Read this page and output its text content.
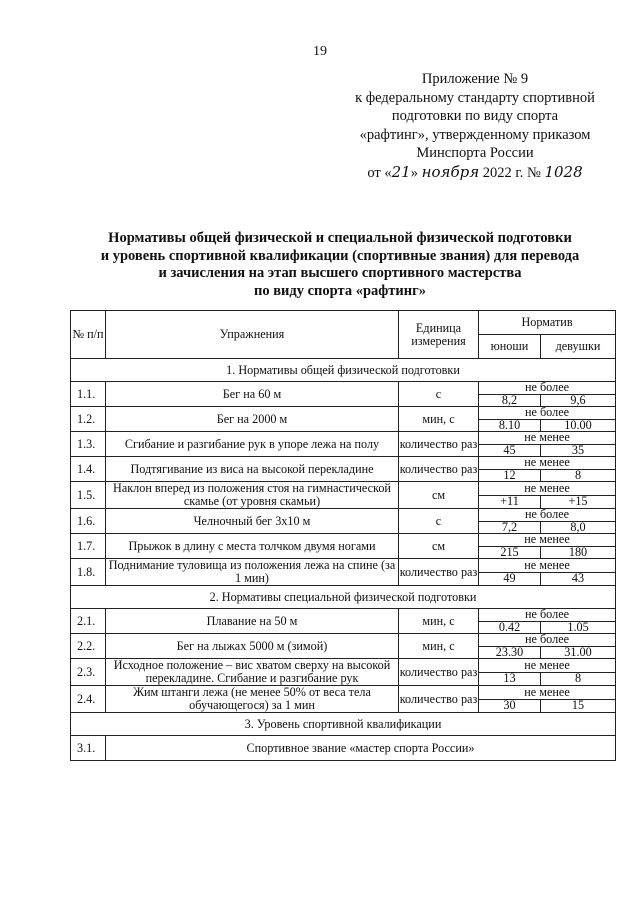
19
Приложение № 9
к федеральному стандарту спортивной
подготовки по виду спорта
«рафтинг», утвержденному приказом
Минспорта России
от «21» ноября 2022 г. № 1028
Нормативы общей физической и специальной физической подготовки
и уровень спортивной квалификации (спортивные звания) для перевода
и зачисления на этап высшего спортивного мастерства
по виду спорта «рафтинг»
№ п/п	Упражнения	Единица измерения	Норматив	
			юноши	девушки
1. Нормативы общей физической подготовки				
1.1.	Бег на 60 м	с	не более	
			8,2	9,6
1.2.	Бег на 2000 м	мин, с	не более	
			8.10	10.00
1.3.	Сгибание и разгибание рук в упоре лежа на полу	количество раз	не менее	
			45	35
1.4.	Подтягивание из виса на высокой перекладине	количество раз	не менее	
			12	8
1.5.	Наклон вперед из положения стоя на гимнастической скамье (от уровня скамьи)	см	не менее	
			+11	+15
1.6.	Челночный бег 3х10 м	с	не более	
			7,2	8,0
1.7.	Прыжок в длину с места толчком двумя ногами	см	не менее	
			215	180
1.8.	Поднимание туловища из положения лежа на спине (за 1 мин)	количество раз	не менее	
			49	43
2. Нормативы специальной физической подготовки				
2.1.	Плавание на 50 м	мин, с	не более	
			0.42	1.05
2.2.	Бег на лыжах 5000 м (зимой)	мин, с	не более	
			23.30	31.00
2.3.	Исходное положение – вис хватом сверху на высокой перекладине. Сгибание и разгибание рук	количество раз	не менее	
			13	8
2.4.	Жим штанги лежа (не менее 50% от веса тела обучающегося) за 1 мин	количество раз	не менее	
			30	15
3. Уровень спортивной квалификации				
3.1.	Спортивное звание «мастер спорта России»			
